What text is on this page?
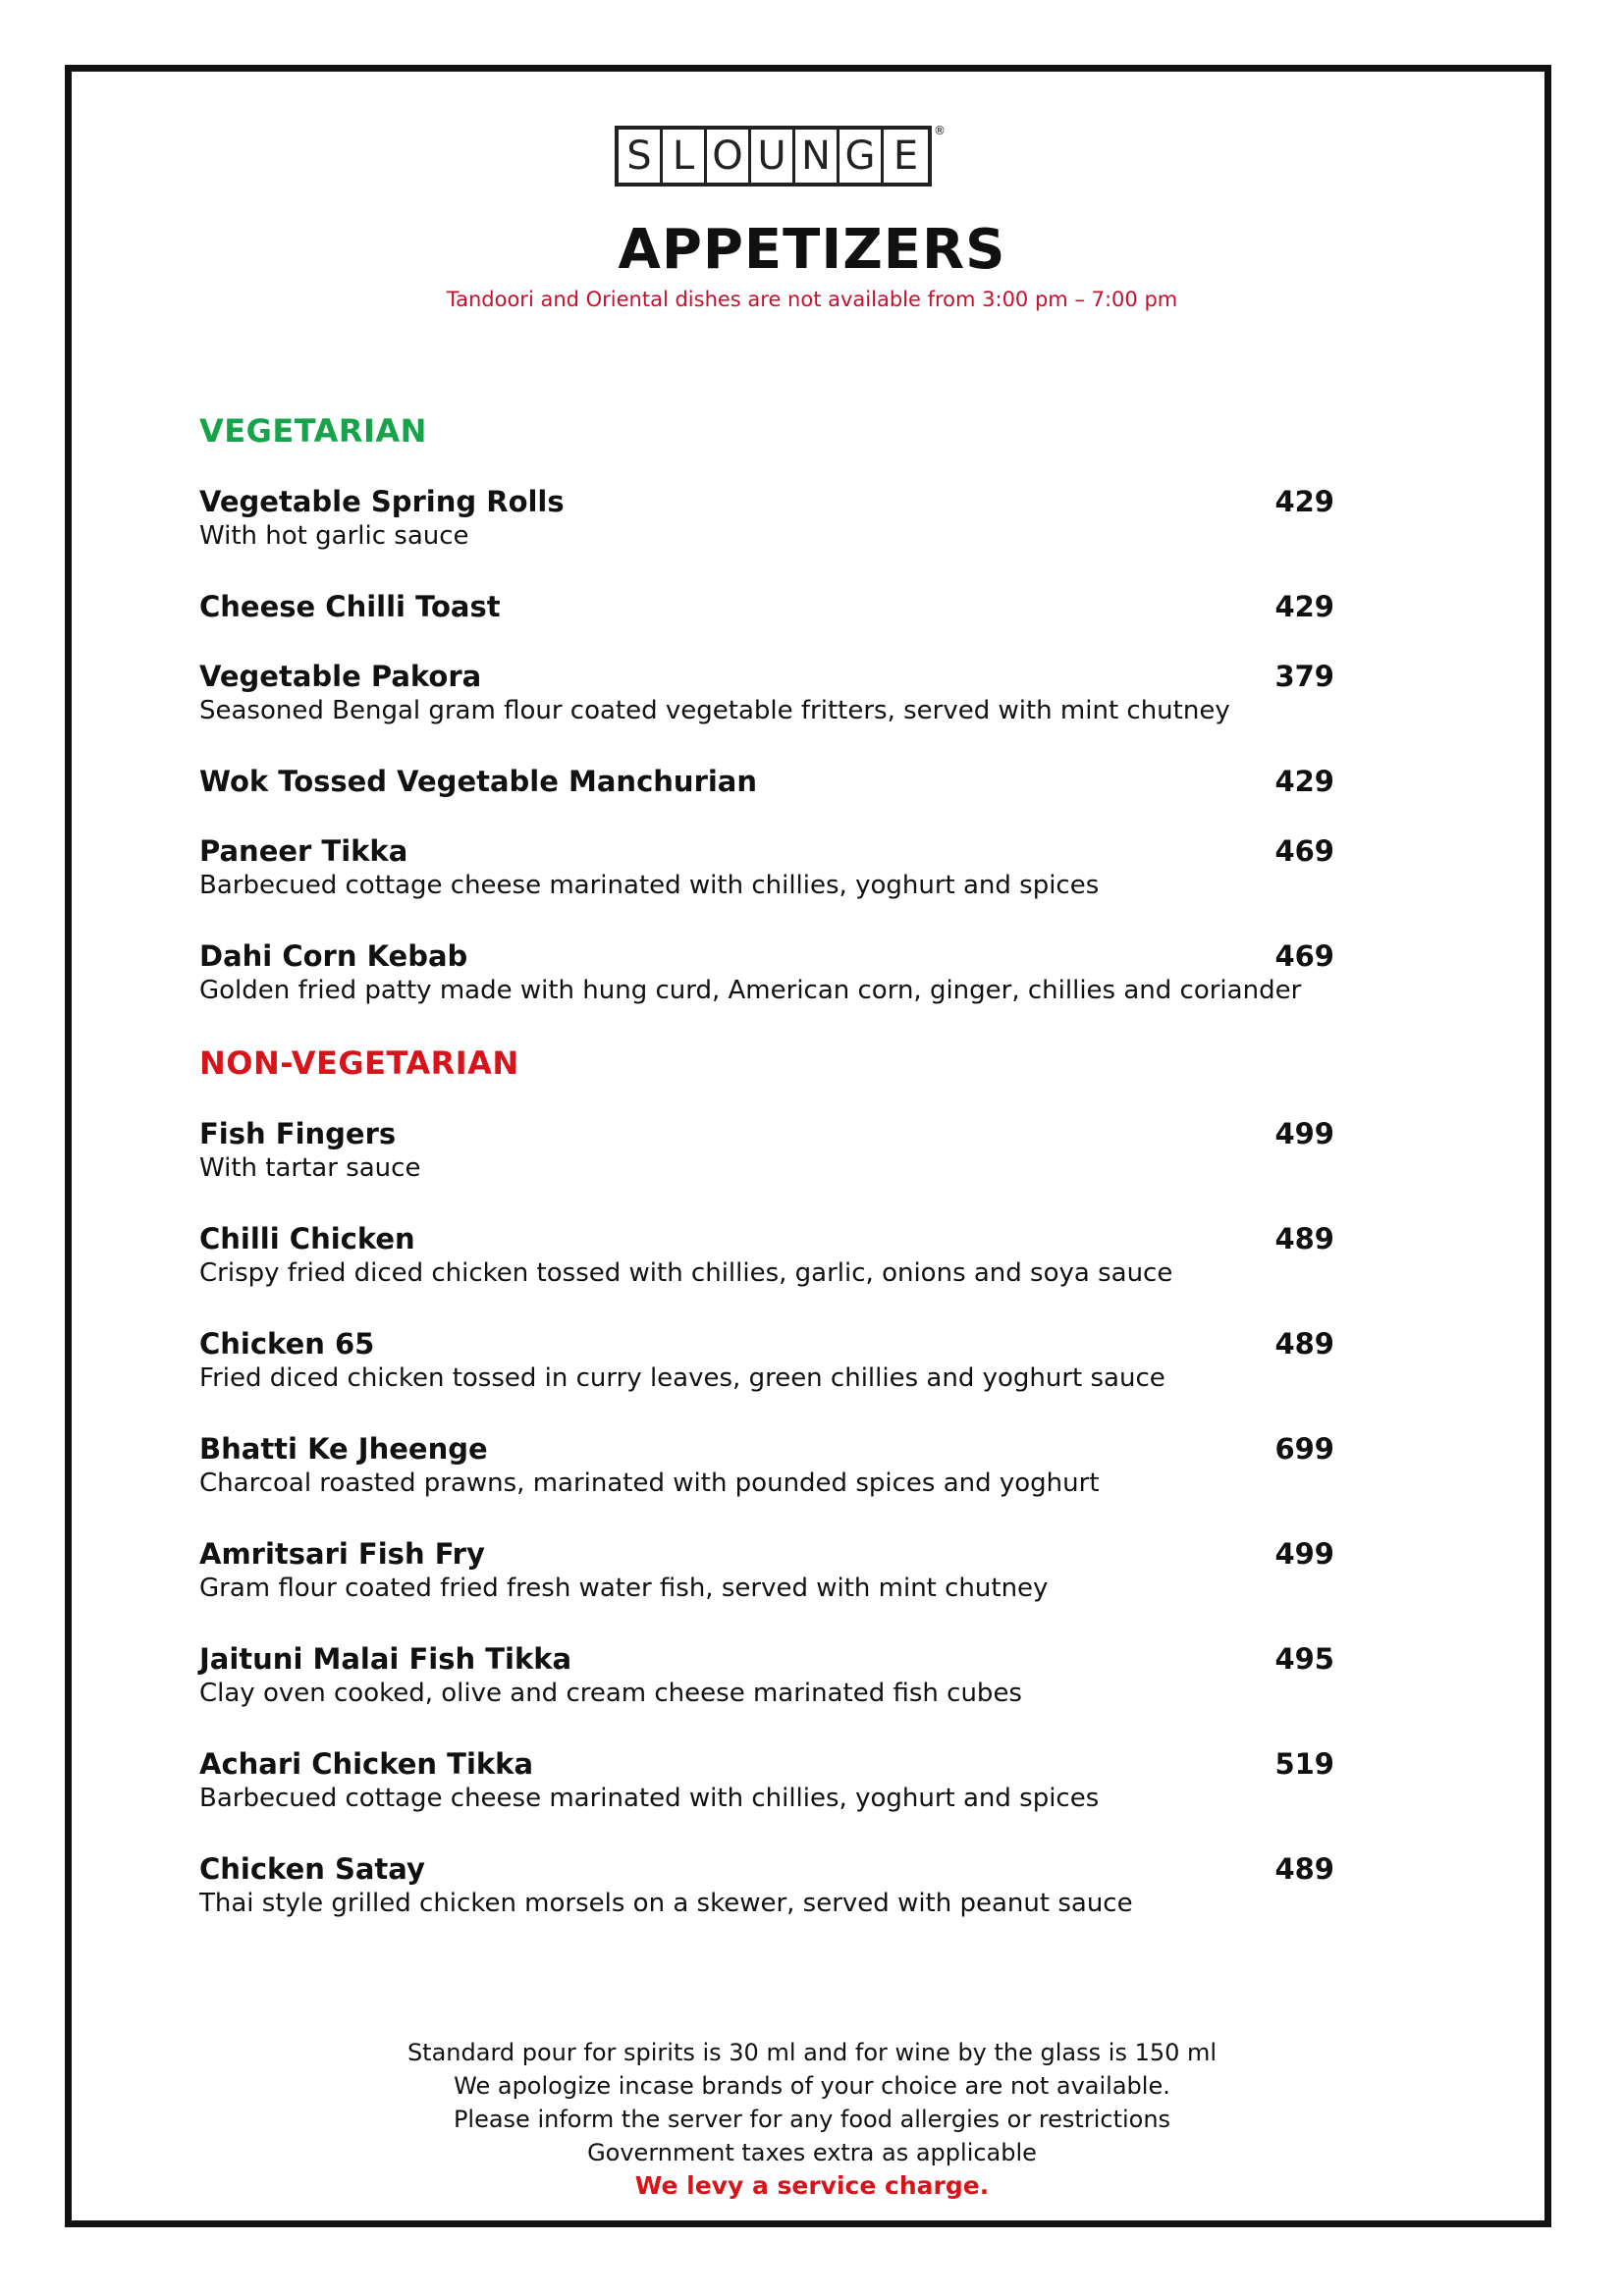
S L O U N G E
®
APPETIZERS
Tandoori and Oriental dishes are not available from 3:00 pm – 7:00 pm
VEGETARIAN
Vegetable Spring Rolls	429
With hot garlic sauce
Cheese Chilli Toast	429
Vegetable Pakora	379
Seasoned Bengal gram flour coated vegetable fritters, served with mint chutney
Wok Tossed Vegetable Manchurian	429
Paneer Tikka	469
Barbecued cottage cheese marinated with chillies, yoghurt and spices
Dahi Corn Kebab	469
Golden fried patty made with hung curd, American corn, ginger, chillies and coriander
NON-VEGETARIAN
Fish Fingers	499
With tartar sauce
Chilli Chicken	489
Crispy fried diced chicken tossed with chillies, garlic, onions and soya sauce
Chicken 65	489
Fried diced chicken tossed in curry leaves, green chillies and yoghurt sauce
Bhatti Ke Jheenge	699
Charcoal roasted prawns, marinated with pounded spices and yoghurt
Amritsari Fish Fry	499
Gram flour coated fried fresh water fish, served with mint chutney
Jaituni Malai Fish Tikka	495
Clay oven cooked, olive and cream cheese marinated fish cubes
Achari Chicken Tikka	519
Barbecued cottage cheese marinated with chillies, yoghurt and spices
Chicken Satay	489
Thai style grilled chicken morsels on a skewer, served with peanut sauce
Standard pour for spirits is 30 ml and for wine by the glass is 150 ml
We apologize incase brands of your choice are not available.
Please inform the server for any food allergies or restrictions
Government taxes extra as applicable
We levy a service charge.
